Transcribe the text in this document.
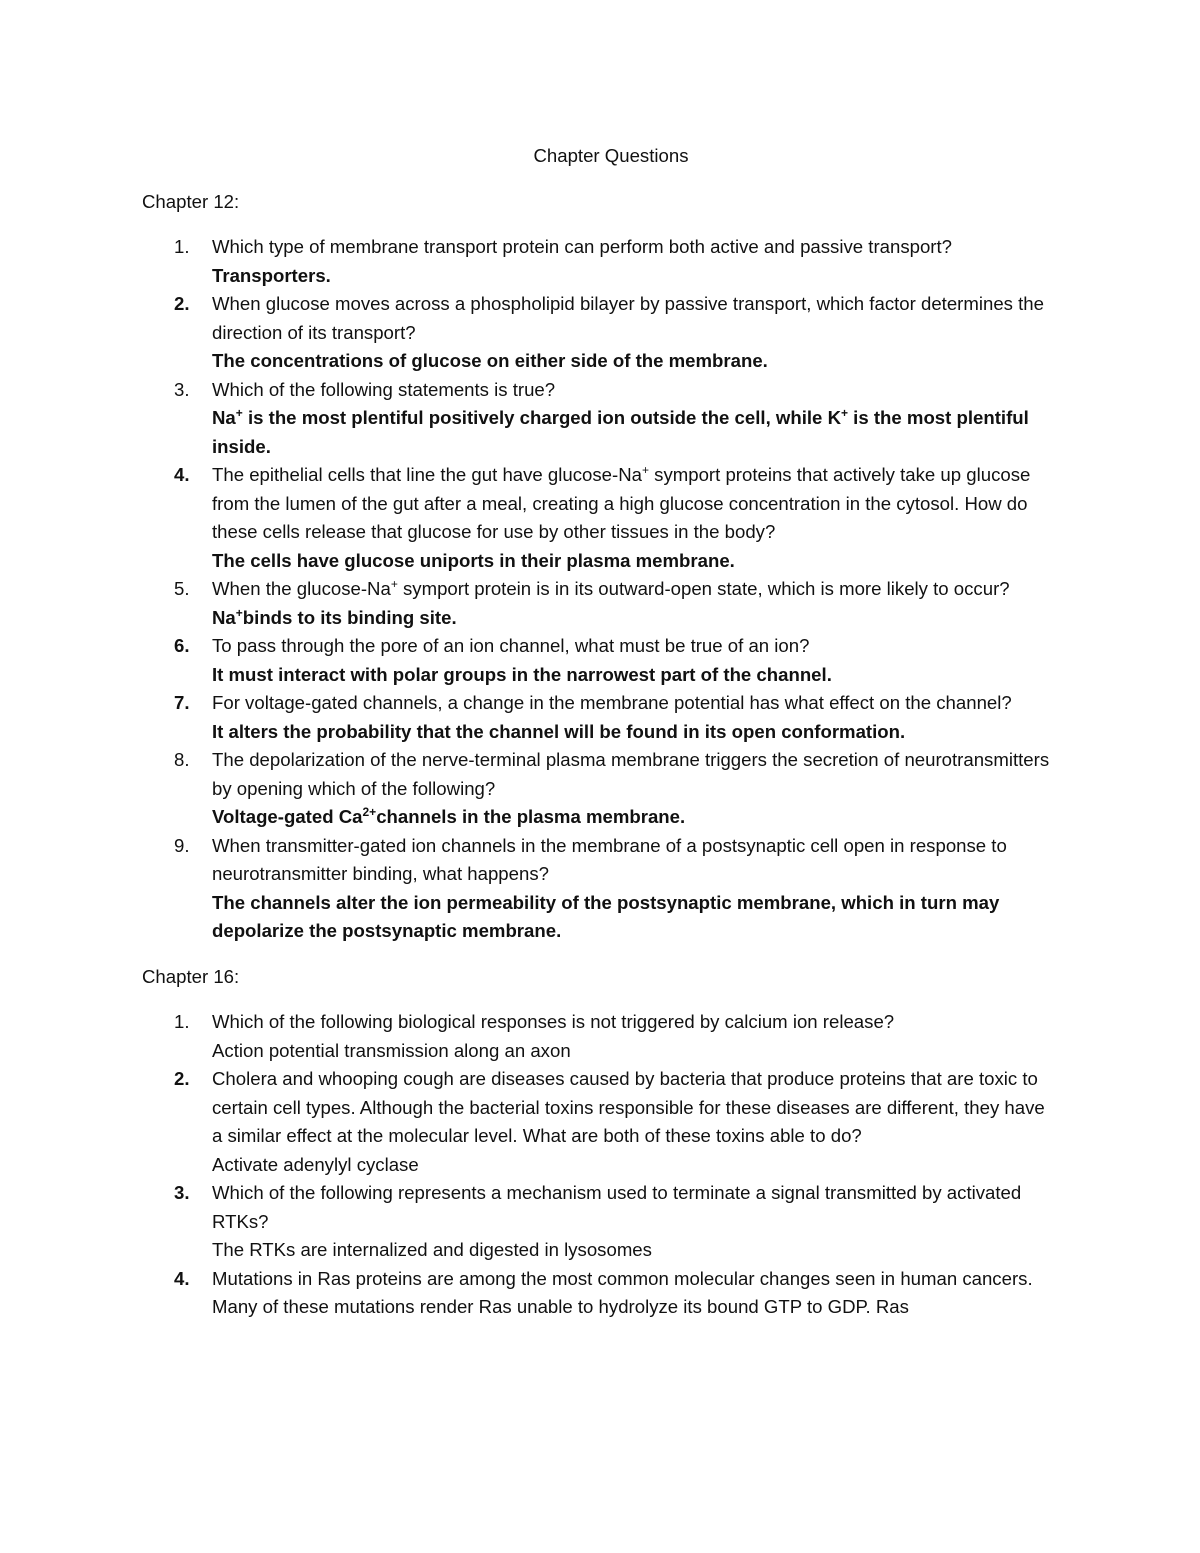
Chapter Questions
Chapter 12:
1. Which type of membrane transport protein can perform both active and passive transport?
Transporters.
2. When glucose moves across a phospholipid bilayer by passive transport, which factor determines the direction of its transport?
The concentrations of glucose on either side of the membrane.
3. Which of the following statements is true?
Na+ is the most plentiful positively charged ion outside the cell, while K+ is the most plentiful inside.
4. The epithelial cells that line the gut have glucose-Na+ symport proteins that actively take up glucose from the lumen of the gut after a meal, creating a high glucose concentration in the cytosol. How do these cells release that glucose for use by other tissues in the body?
The cells have glucose uniports in their plasma membrane.
5. When the glucose-Na+ symport protein is in its outward-open state, which is more likely to occur?
Na+binds to its binding site.
6. To pass through the pore of an ion channel, what must be true of an ion?
It must interact with polar groups in the narrowest part of the channel.
7. For voltage-gated channels, a change in the membrane potential has what effect on the channel?
It alters the probability that the channel will be found in its open conformation.
8. The depolarization of the nerve-terminal plasma membrane triggers the secretion of neurotransmitters by opening which of the following?
Voltage-gated $Ca^{2+}channels$ in the plasma membrane.
9. When transmitter-gated ion channels in the membrane of a postsynaptic cell open in response to neurotransmitter binding, what happens?
The channels alter the ion permeability of the postsynaptic membrane, which in turn may depolarize the postsynaptic membrane.
Chapter 16:
1. Which of the following biological responses is not triggered by calcium ion release?
Action potential transmission along an axon
2. Cholera and whooping cough are diseases caused by bacteria that produce proteins that are toxic to certain cell types. Although the bacterial toxins responsible for these diseases are different, they have a similar effect at the molecular level. What are both of these toxins able to do?
Activate adenylyl cyclase
3. Which of the following represents a mechanism used to terminate a signal transmitted by activated RTKs?
The RTKs are internalized and digested in lysosomes
4. Mutations in Ras proteins are among the most common molecular changes seen in human cancers. Many of these mutations render Ras unable to hydrolyze its bound GTP to GDP. Ras
